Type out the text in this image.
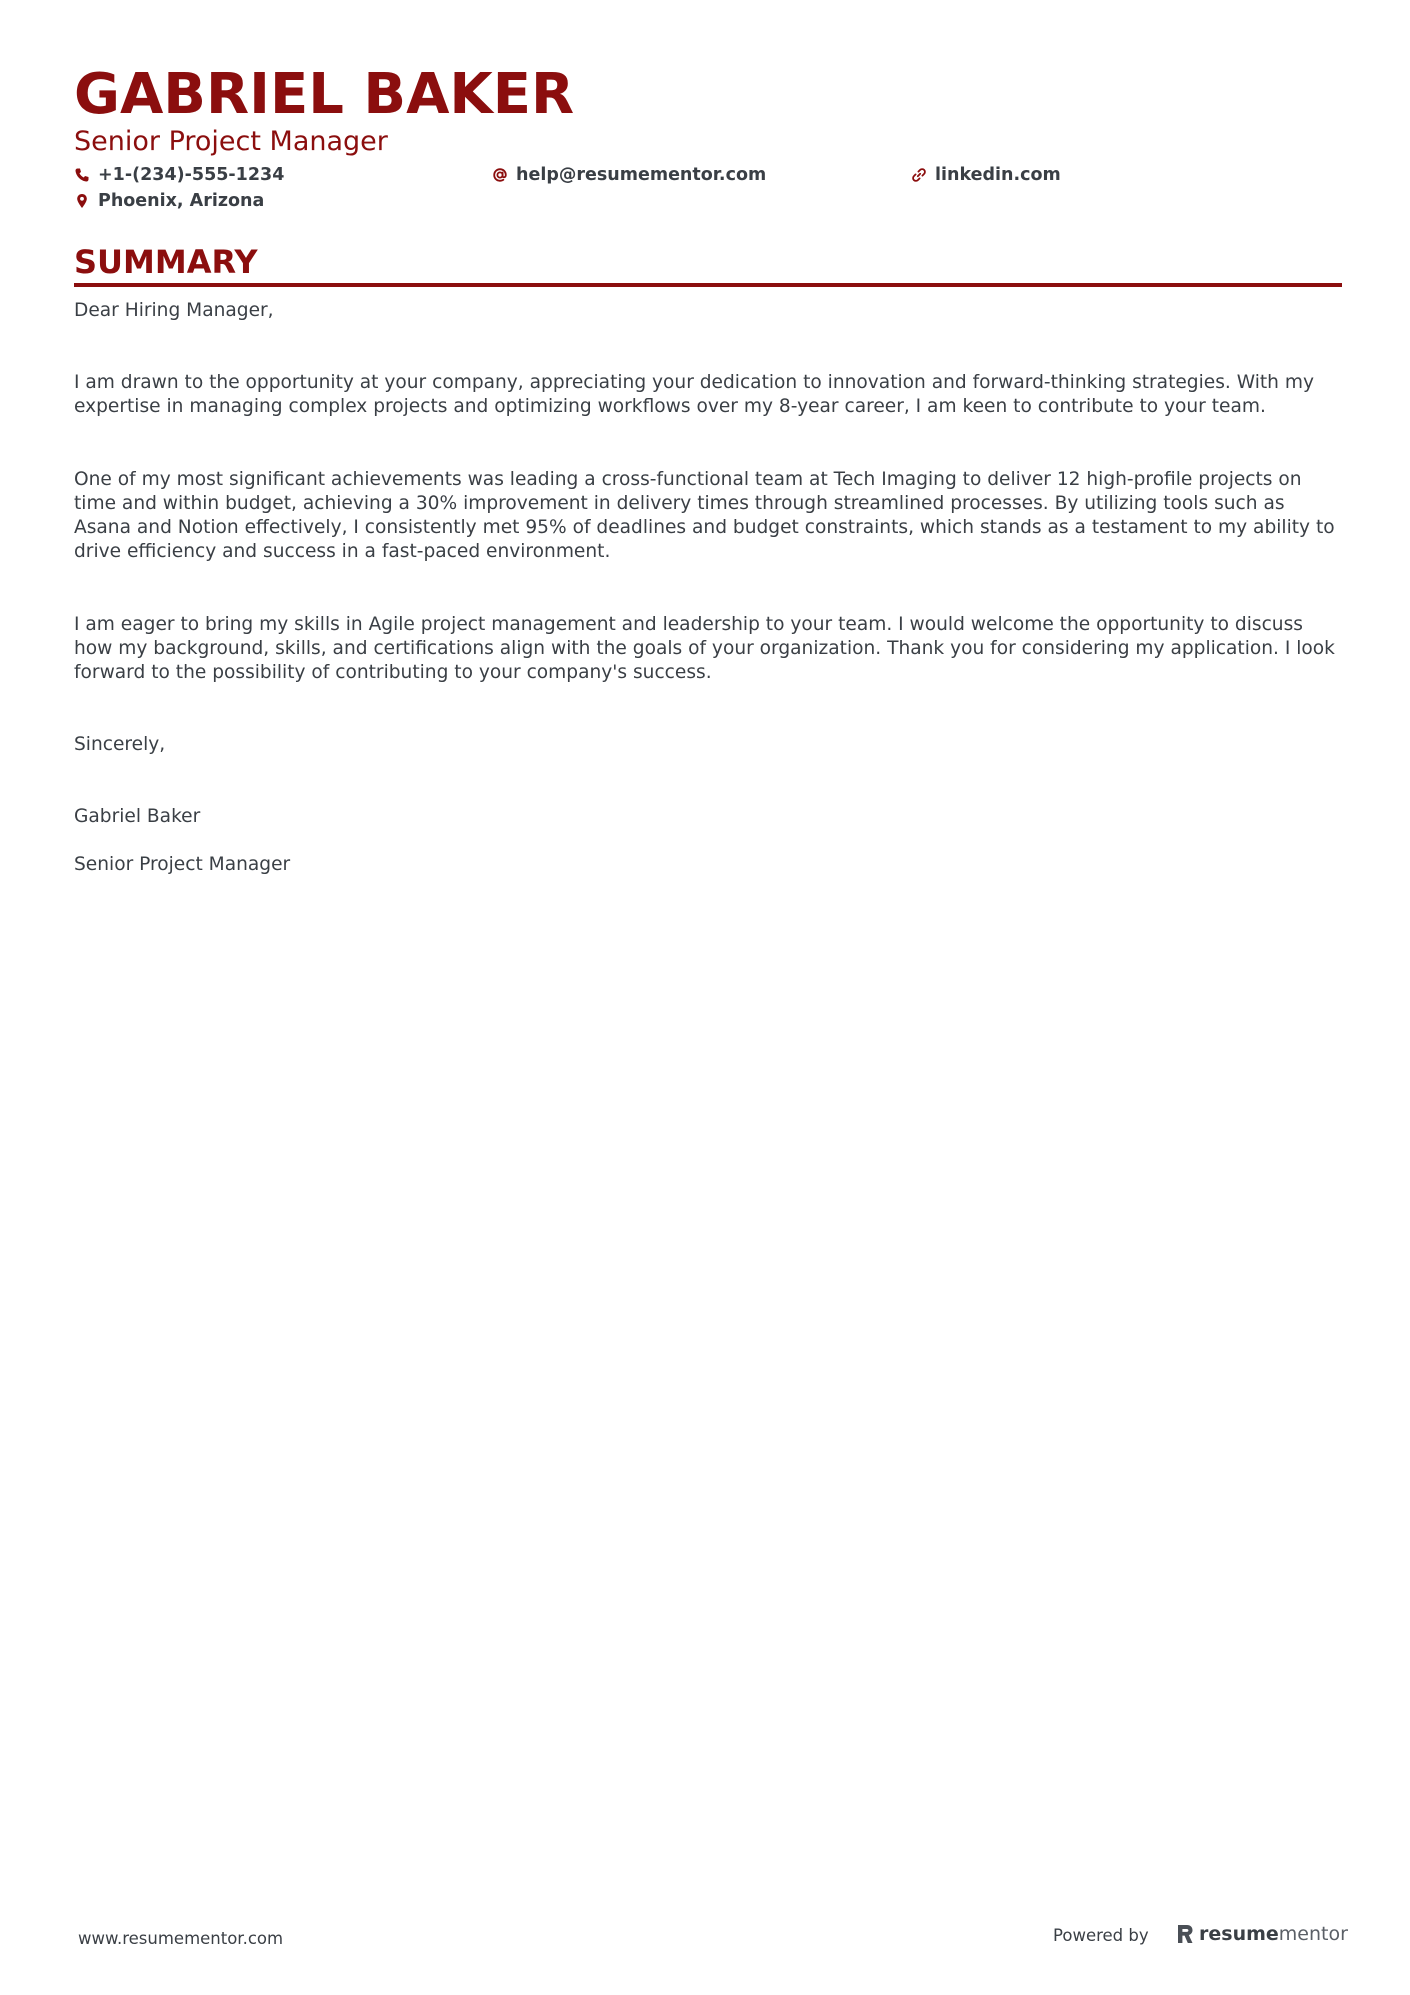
GABRIEL BAKER
Senior Project Manager
+1-(234)-555-1234	help@resumementor.com	linkedin.com
Phoenix, Arizona
SUMMARY

Dear Hiring Manager,

I am drawn to the opportunity at your company, appreciating your dedication to innovation and forward-thinking strategies. With my expertise in managing complex projects and optimizing workflows over my 8-year career, I am keen to contribute to your team.

One of my most significant achievements was leading a cross-functional team at Tech Imaging to deliver 12 high-profile projects on time and within budget, achieving a 30% improvement in delivery times through streamlined processes. By utilizing tools such as Asana and Notion effectively, I consistently met 95% of deadlines and budget constraints, which stands as a testament to my ability to drive efficiency and success in a fast-paced environment.

I am eager to bring my skills in Agile project management and leadership to your team. I would welcome the opportunity to discuss how my background, skills, and certifications align with the goals of your organization. Thank you for considering my application. I look forward to the possibility of contributing to your company's success.

Sincerely,

Gabriel Baker

Senior Project Manager

www.resumementor.com	Powered by	resume mentor
